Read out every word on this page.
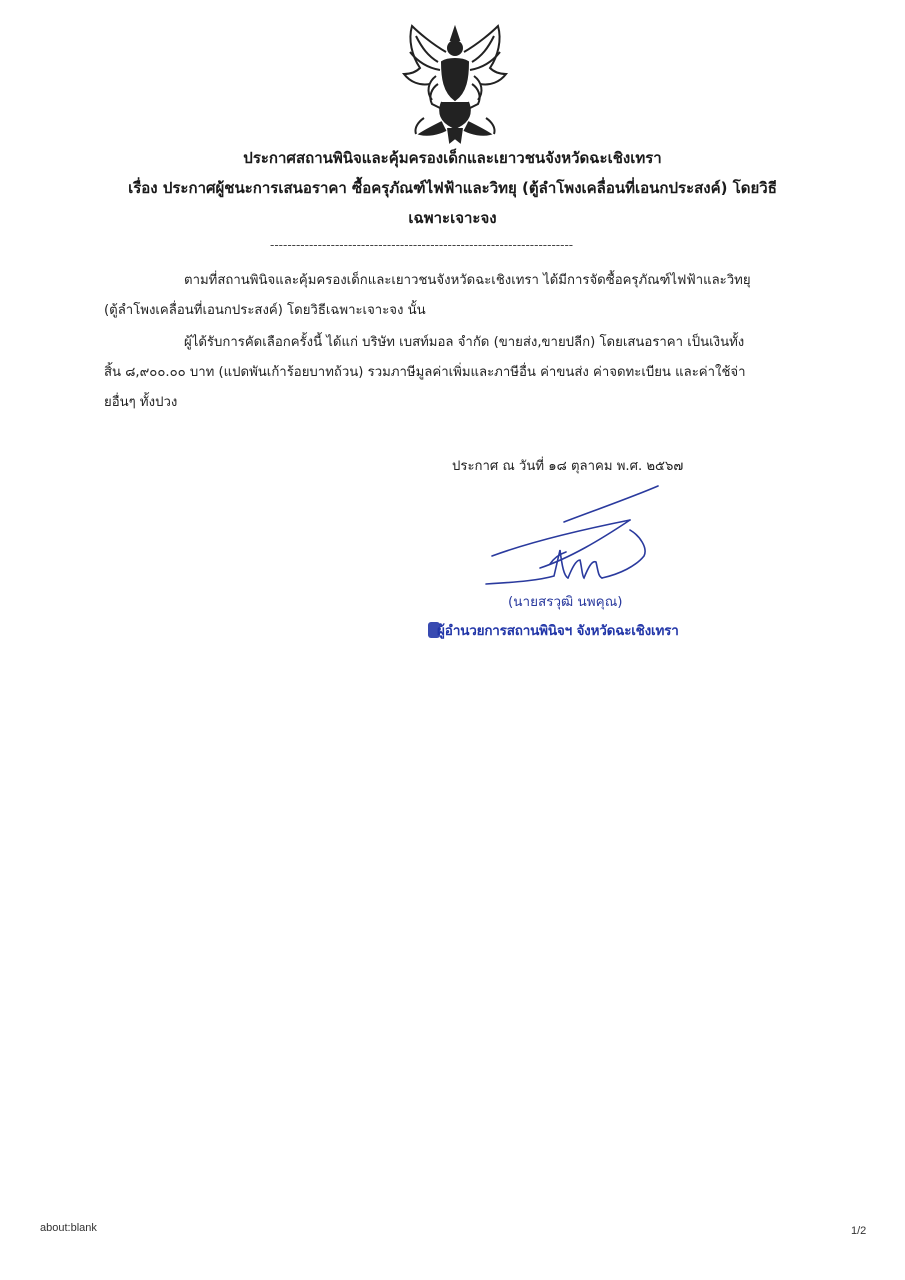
ประกาศสถานพินิจและคุ้มครองเด็กและเยาวชนจังหวัดฉะเชิงเทรา
เรื่อง ประกาศผู้ชนะการเสนอราคา ซื้อครุภัณฑ์ไฟฟ้าและวิทยุ (ตู้ลำโพงเคลื่อนที่เอนกประสงค์) โดยวิธี
เฉพาะเจาะจง
----------------------------------------------------------------------
ตามที่สถานพินิจและคุ้มครองเด็กและเยาวชนจังหวัดฉะเชิงเทรา ได้มีการจัดซื้อครุภัณฑ์ไฟฟ้าและวิทยุ
(ตู้ลำโพงเคลื่อนที่เอนกประสงค์) โดยวิธีเฉพาะเจาะจง นั้น
ผู้ได้รับการคัดเลือกครั้งนี้ ได้แก่ บริษัท เบสท์มอล จำกัด (ขายส่ง,ขายปลีก) โดยเสนอราคา เป็นเงินทั้ง
สิ้น ๘,๙๐๐.๐๐ บาท (แปดพันเก้าร้อยบาทถ้วน) รวมภาษีมูลค่าเพิ่มและภาษีอื่น ค่าขนส่ง ค่าจดทะเบียน และค่าใช้จ่า
ยอื่นๆ ทั้งปวง
ประกาศ ณ วันที่ ๑๘ ตุลาคม พ.ศ. ๒๕๖๗
(นายสรวุฒิ นพคุณ)
ผู้อำนวยการสถานพินิจฯ จังหวัดฉะเชิงเทรา
about:blank	1/2
